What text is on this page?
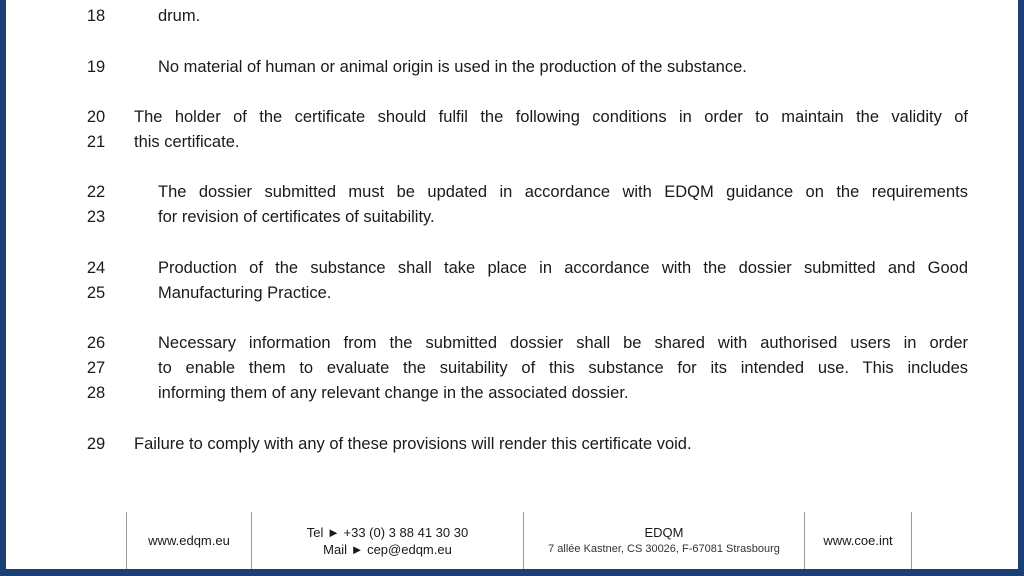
18	drum.
19	No material of human or animal origin is used in the production of the substance.
20 The holder of the certificate should fulfil the following conditions in order to maintain the validity of
21 this certificate.
22	The dossier submitted must be updated in accordance with EDQM guidance on the requirements
23	for revision of certificates of suitability.
24	Production of the substance shall take place in accordance with the dossier submitted and Good
25	Manufacturing Practice.
26	Necessary information from the submitted dossier shall be shared with authorised users in order
27	to enable them to evaluate the suitability of this substance for its intended use. This includes
28	informing them of any relevant change in the associated dossier.
29 Failure to comply with any of these provisions will render this certificate void.
www.edqm.eu
Tel ► +33 (0) 3 88 41 30 30
Mail ► cep@edqm.eu
EDQM
7 allée Kastner, CS 30026, F-67081 Strasbourg
www.coe.int
